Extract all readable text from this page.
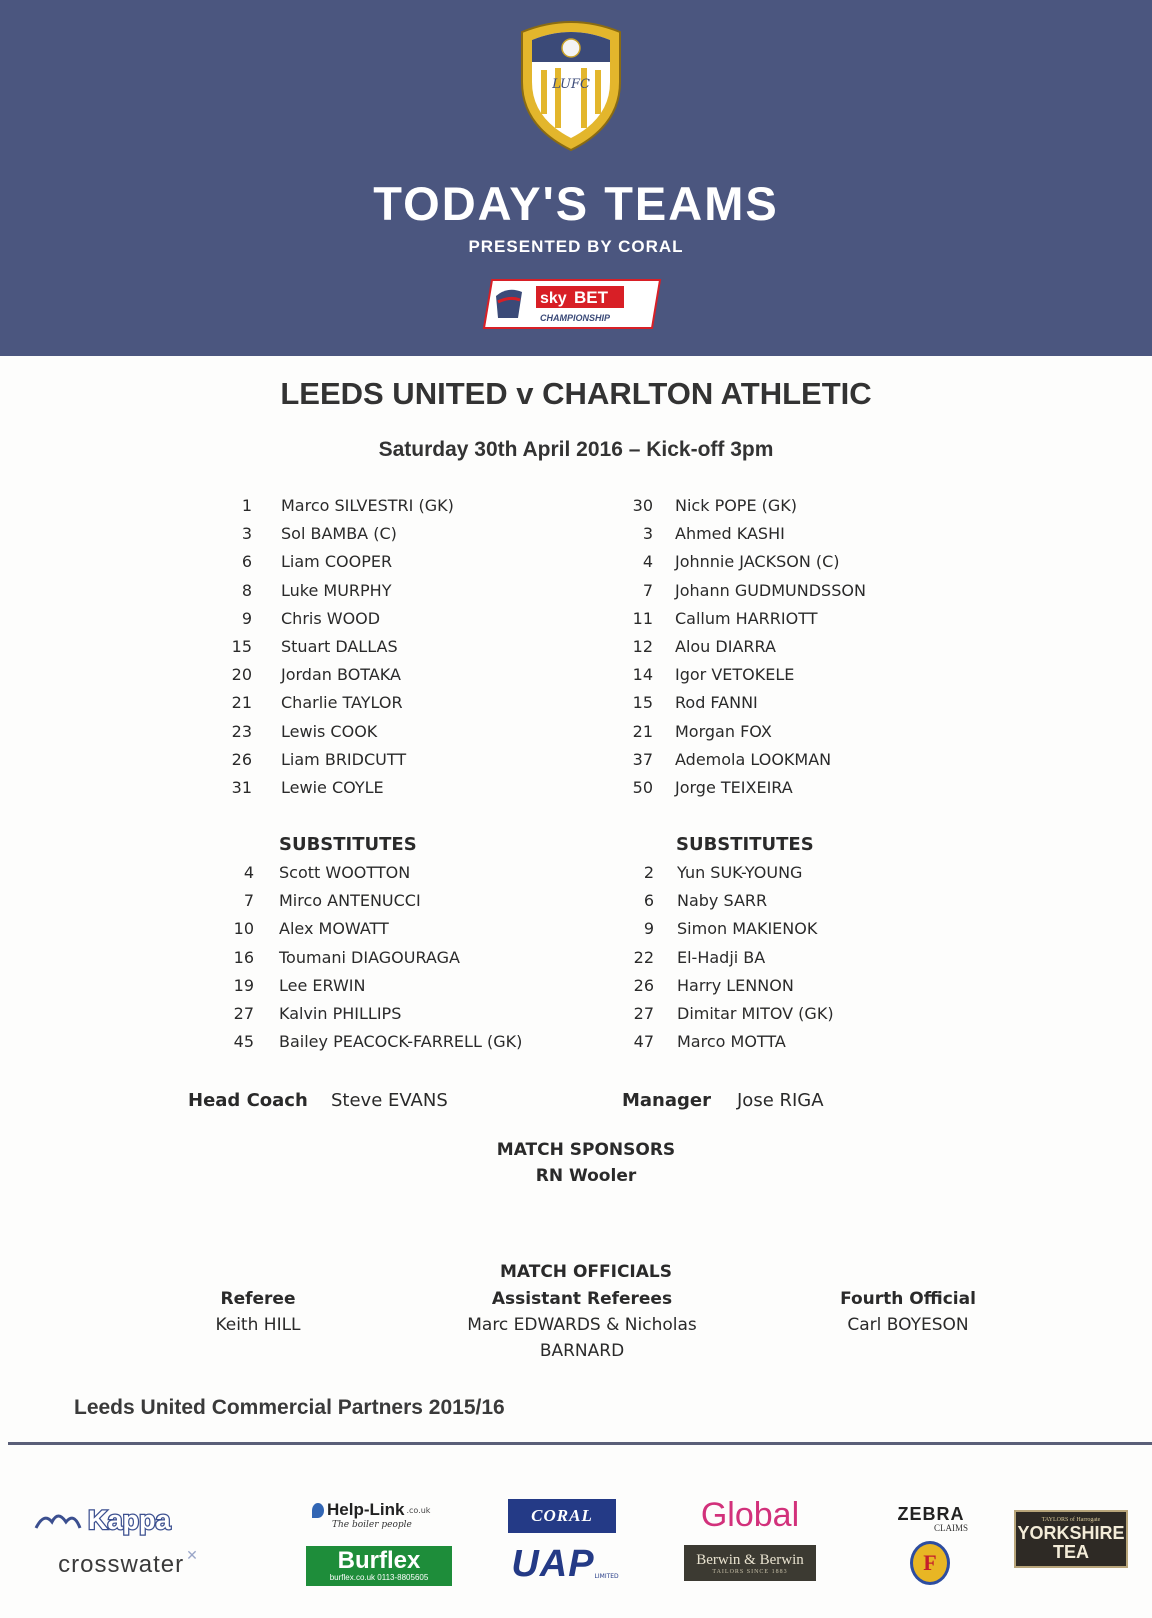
LUFC
TODAY'S TEAMS
PRESENTED BY CORAL
sky BET
CHAMPIONSHIP
LEEDS UNITED v CHARLTON ATHLETIC
Saturday 30th April 2016 – Kick-off 3pm
1 Marco SILVESTRI (GK)
3 Sol BAMBA (C)
6 Liam COOPER
8 Luke MURPHY
9 Chris WOOD
15 Stuart DALLAS
20 Jordan BOTAKA
21 Charlie TAYLOR
23 Lewis COOK
26 Liam BRIDCUTT
31 Lewie COYLE
30 Nick POPE (GK)
3 Ahmed KASHI
4 Johnnie JACKSON (C)
7 Johann GUDMUNDSSON
11 Callum HARRIOTT
12 Alou DIARRA
14 Igor VETOKELE
15 Rod FANNI
21 Morgan FOX
37 Ademola LOOKMAN
50 Jorge TEIXEIRA
SUBSTITUTES	SUBSTITUTES
4 Scott WOOTTON
7 Mirco ANTENUCCI
10 Alex MOWATT
16 Toumani DIAGOURAGA
19 Lee ERWIN
27 Kalvin PHILLIPS
45 Bailey PEACOCK-FARRELL (GK)
2 Yun SUK-YOUNG
6 Naby SARR
9 Simon MAKIENOK
22 El-Hadji BA
26 Harry LENNON
27 Dimitar MITOV (GK)
47 Marco MOTTA
Head Coach Steve EVANS	Manager Jose RIGA
MATCH SPONSORS
RN Wooler
MATCH OFFICIALS
Referee
Keith HILL
Assistant Referees
Marc EDWARDS & Nicholas
BARNARD
Fourth Official
Carl BOYESON
Leeds United Commercial Partners 2015/16
Kappa
crosswater ✕
Help-Link .co.uk
The boiler people
Burflex
burflex.co.uk 0113-8805605
CORAL
UAP LIMITED
Global
Berwin & Berwin
TAILORS SINCE 1883
ZEBRA
CLAIMS
F
TAYLORS of Harrogate
YORKSHIRE
TEA
